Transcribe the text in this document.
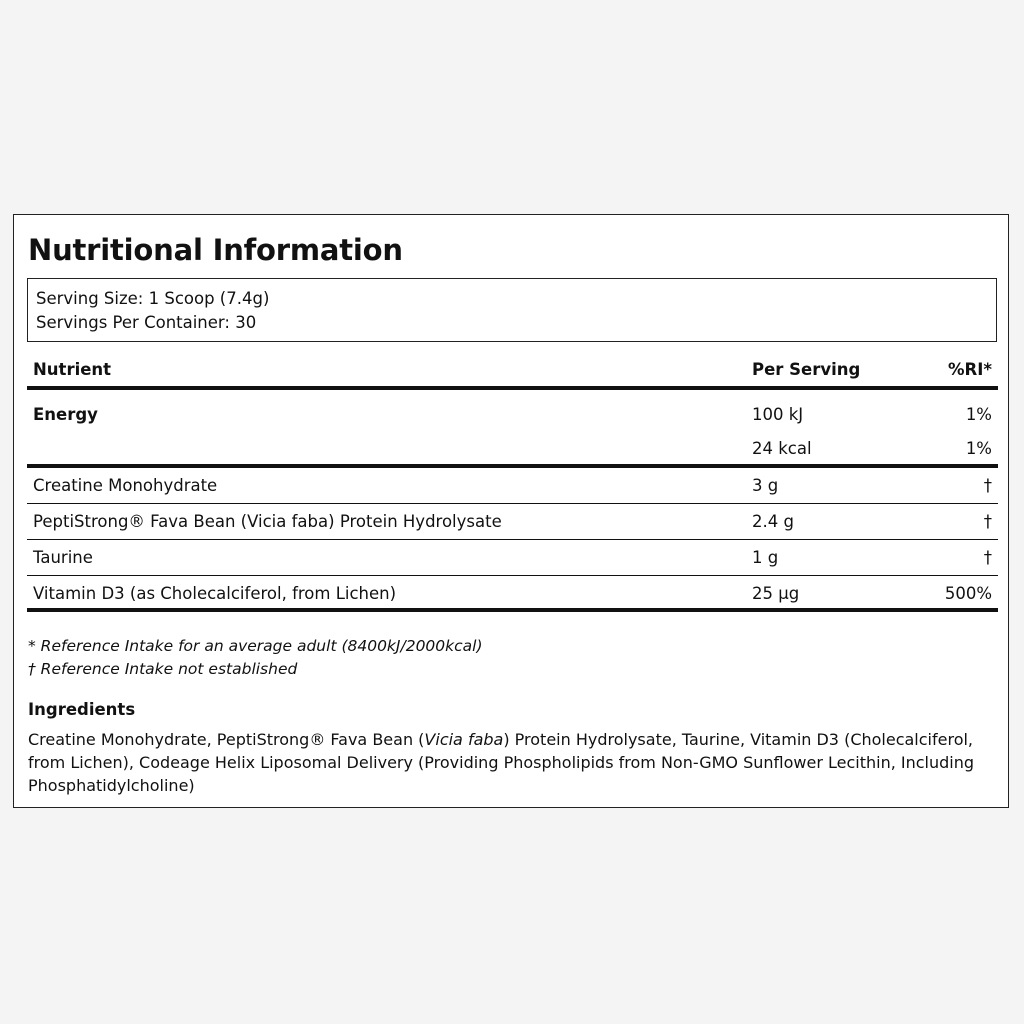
Nutritional Information
Serving Size: 1 Scoop (7.4g)
Servings Per Container: 30
Nutrient	Per Serving	%RI*
Energy	100 kJ	1%
24 kcal	1%
Creatine Monohydrate	3 g	†
PeptiStrong® Fava Bean (Vicia faba) Protein Hydrolysate	2.4 g	†
Taurine	1 g	†
Vitamin D3 (as Cholecalciferol, from Lichen)	25 µg	500%
* Reference Intake for an average adult (8400kJ/2000kcal)
† Reference Intake not established
Ingredients
Creatine Monohydrate, PeptiStrong® Fava Bean (Vicia faba) Protein Hydrolysate, Taurine, Vitamin D3 (Cholecalciferol, from Lichen), Codeage Helix Liposomal Delivery (Providing Phospholipids from Non-GMO Sunflower Lecithin, Including Phosphatidylcholine)
